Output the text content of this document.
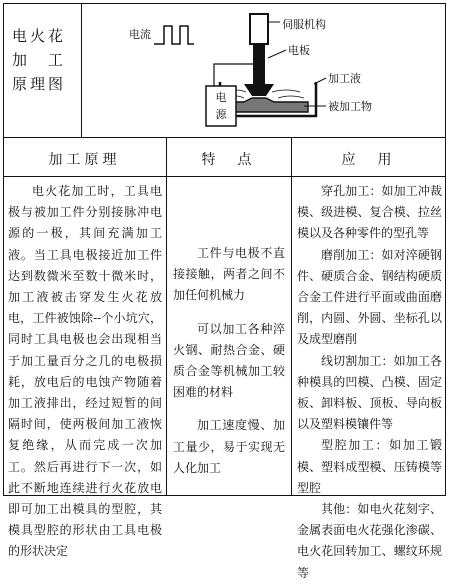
电火花
加　工
原理图
电流
伺服机构
电板
加工液
被加工物
电
源
加工原理	特　点	应　用

电火花加工时，工具电极与被加工件分别接脉冲电源的一极，其间充满加工液。当工具电极接近加工件达到数微米至数十微米时，加工液被击穿发生火花放电，工件被蚀除--个小坑穴，同时工具电极也会出现相当于加工量百分之几的电极损耗，放电后的电蚀产物随着加工液排出，经过短暂的间隔时间，使两极间加工液恢复绝缘，从而完成一次加工。然后再进行下一次，如此不断地连续进行火花放电即可加工出模具的型腔，其模具型腔的形状由工具电极的形状决定

工件与电极不直接接触，两者之间不加任何机械力

可以加工各种淬火钢、耐热合金、硬质合金等机械加工较困难的材料

加工速度慢、加工量少，易于实现无人化加工

穿孔加工：如加工冲裁模、级进模、复合模、拉丝模以及各种零件的型孔等

磨削加工：如对淬硬钢件、硬质合金、钢结构硬质合金工件进行平面或曲面磨削，内圆、外圆、坐标孔以及成型磨削

线切割加工：如加工各种模具的凹模、凸模、固定板、卸料板、顶板、导向板以及塑料模镶件等

型腔加工：如加工锻模、塑料成型模、压铸模等型腔

其他：如电火花刻字、金属表面电火花强化渗碳、电火花回转加工、螺纹环规等
